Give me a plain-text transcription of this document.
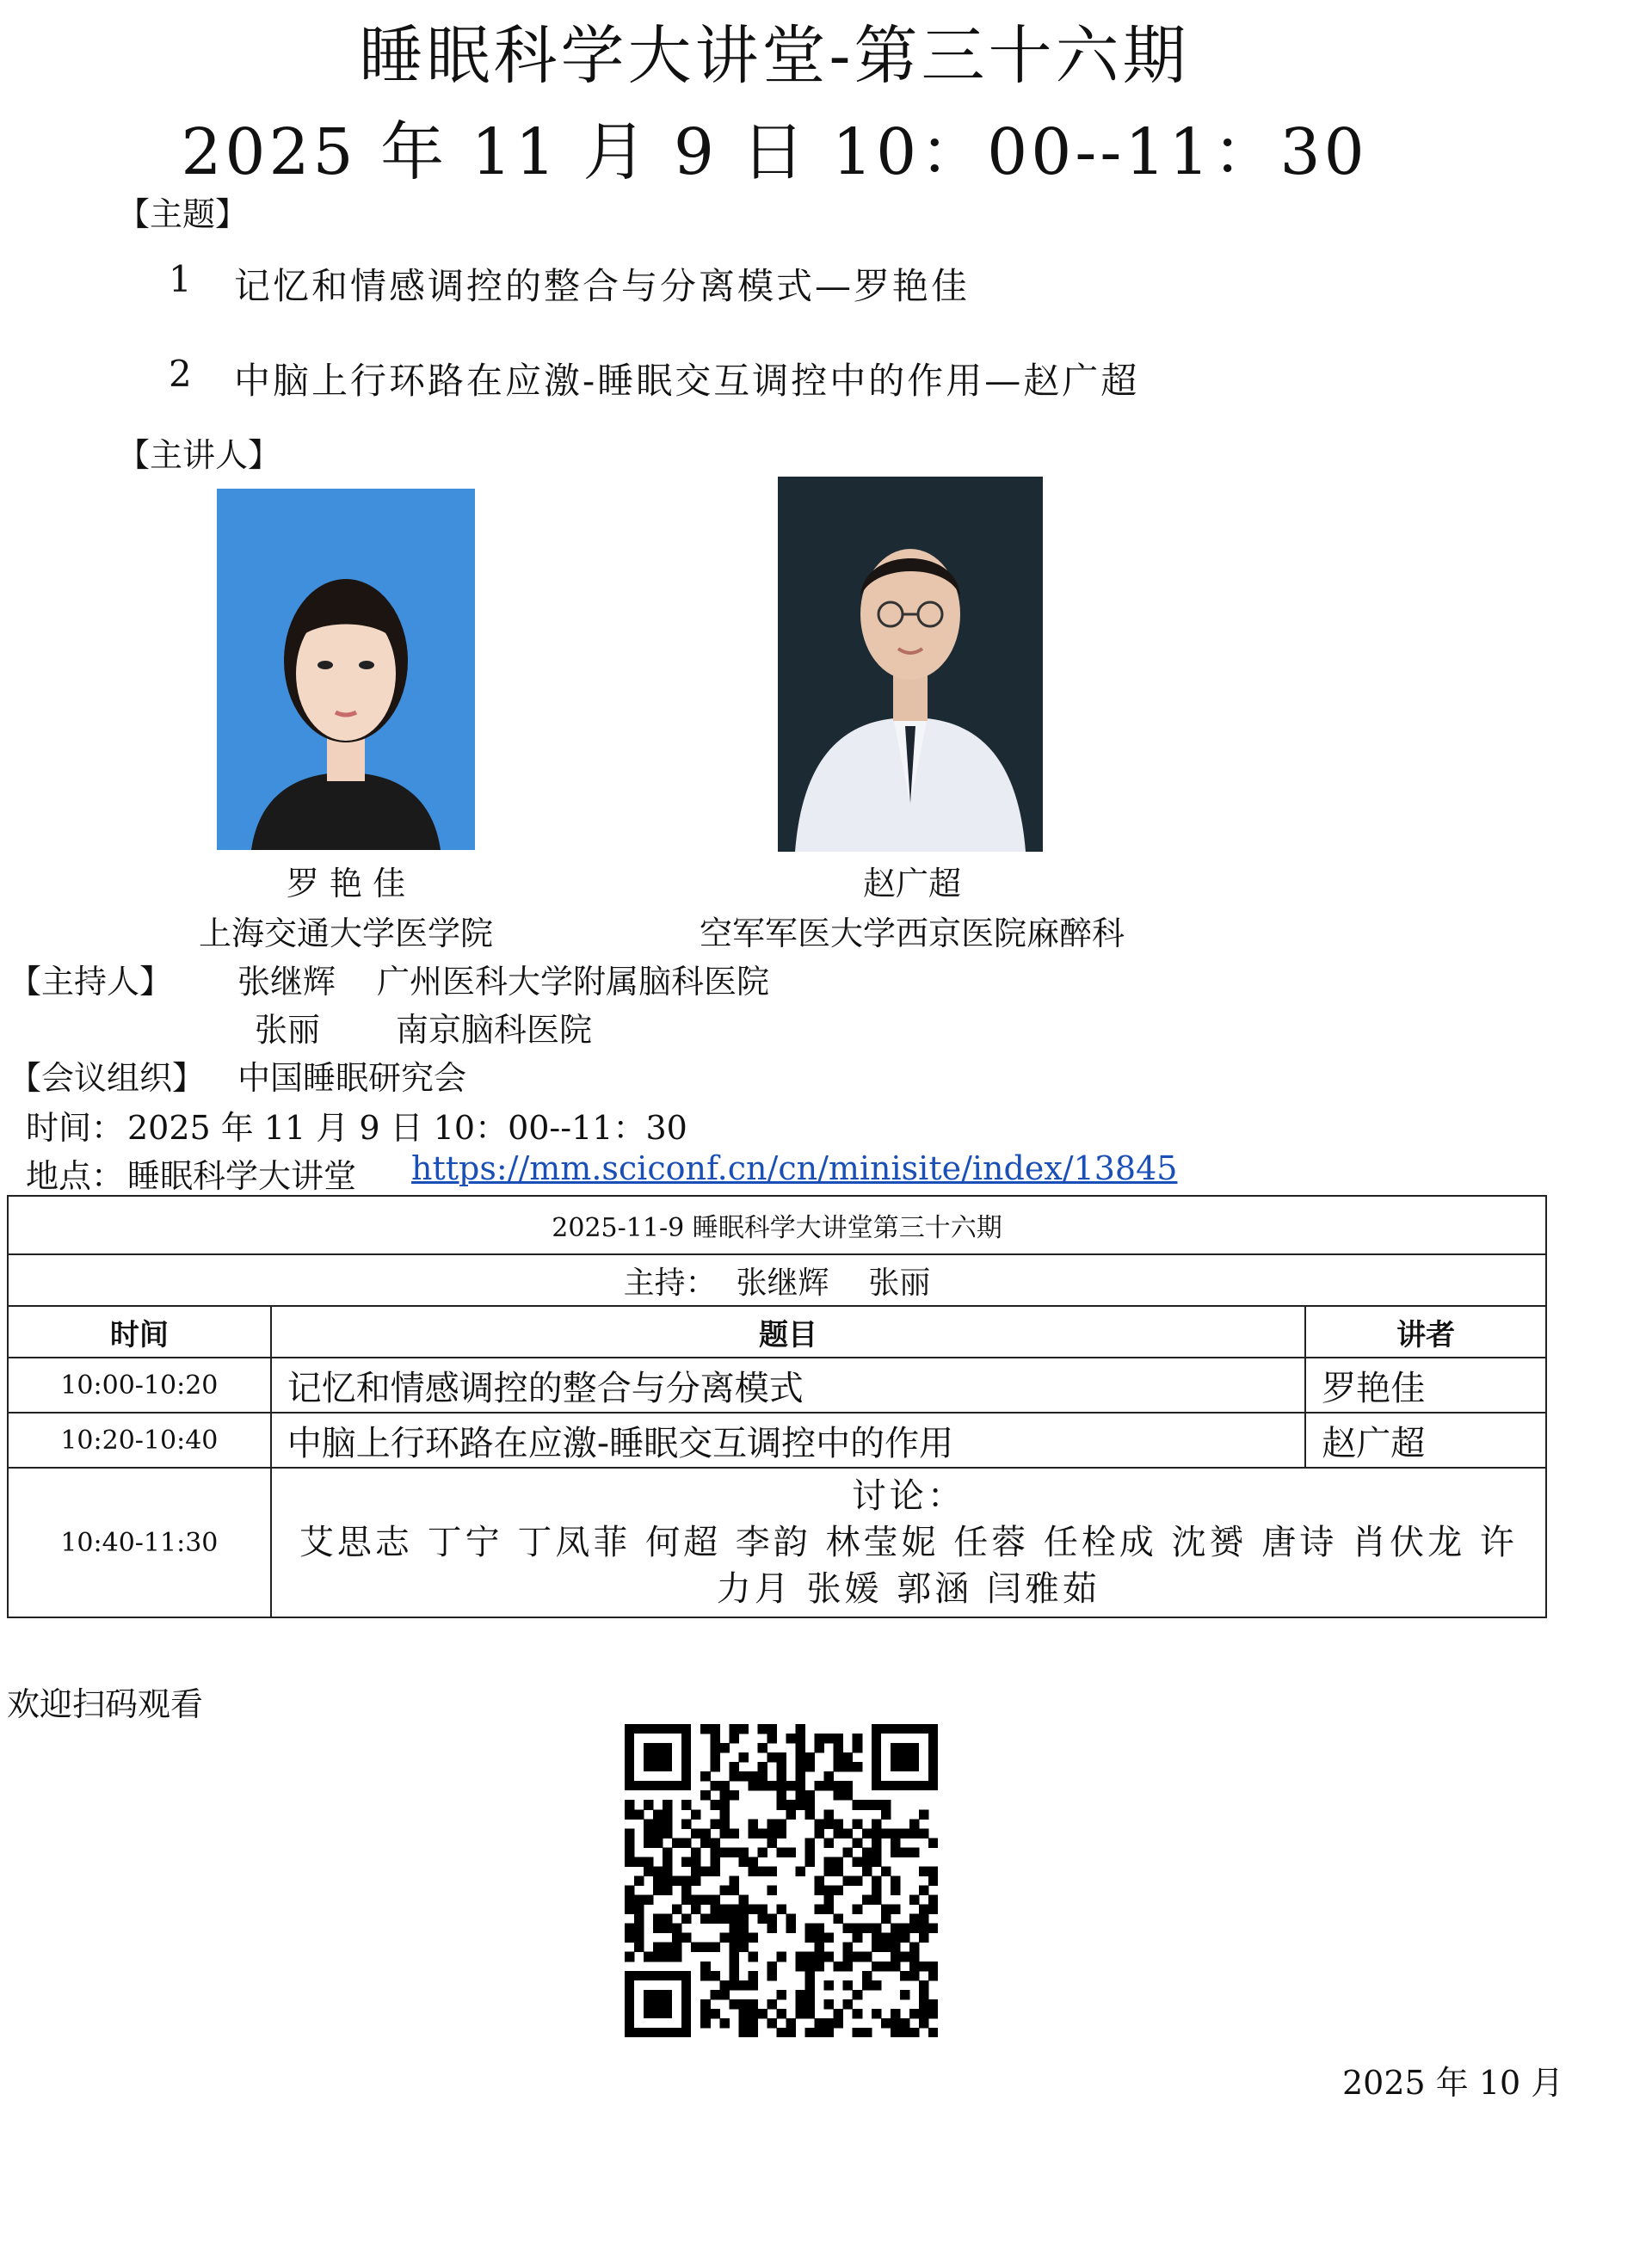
睡眠科学大讲堂-第三十六期
2025 年 11 月 9 日 10：00--11：30
【主题】
1 记忆和情感调控的整合与分离模式—罗艳佳
2 中脑上行环路在应激-睡眠交互调控中的作用—赵广超
【主讲人】
罗 艳 佳
上海交通大学医学院
赵广超
空军军医大学西京医院麻醉科
【主持人】 张继辉 广州医科大学附属脑科医院
张丽 南京脑科医院
【会议组织】 中国睡眠研究会
时间： 2025 年 11 月 9 日 10：00--11：30
地点： 睡眠科学大讲堂 https://mm.sciconf.cn/cn/minisite/index/13845
2025-11-9 睡眠科学大讲堂第三十六期		
主持：  张继辉    张丽		
时间	题目	讲者
10:00-10:20	记忆和情感调控的整合与分离模式	罗艳佳
10:20-10:40	中脑上行环路在应激-睡眠交互调控中的作用	赵广超
10:40-11:30	讨论：
艾思志 丁宁 丁凤菲 何超 李韵 林莹妮 任蓉 任栓成 沈赟 唐诗 肖伏龙 许力月 张媛 郭涵 闫雅茹	
欢迎扫码观看
2025 年 10 月
